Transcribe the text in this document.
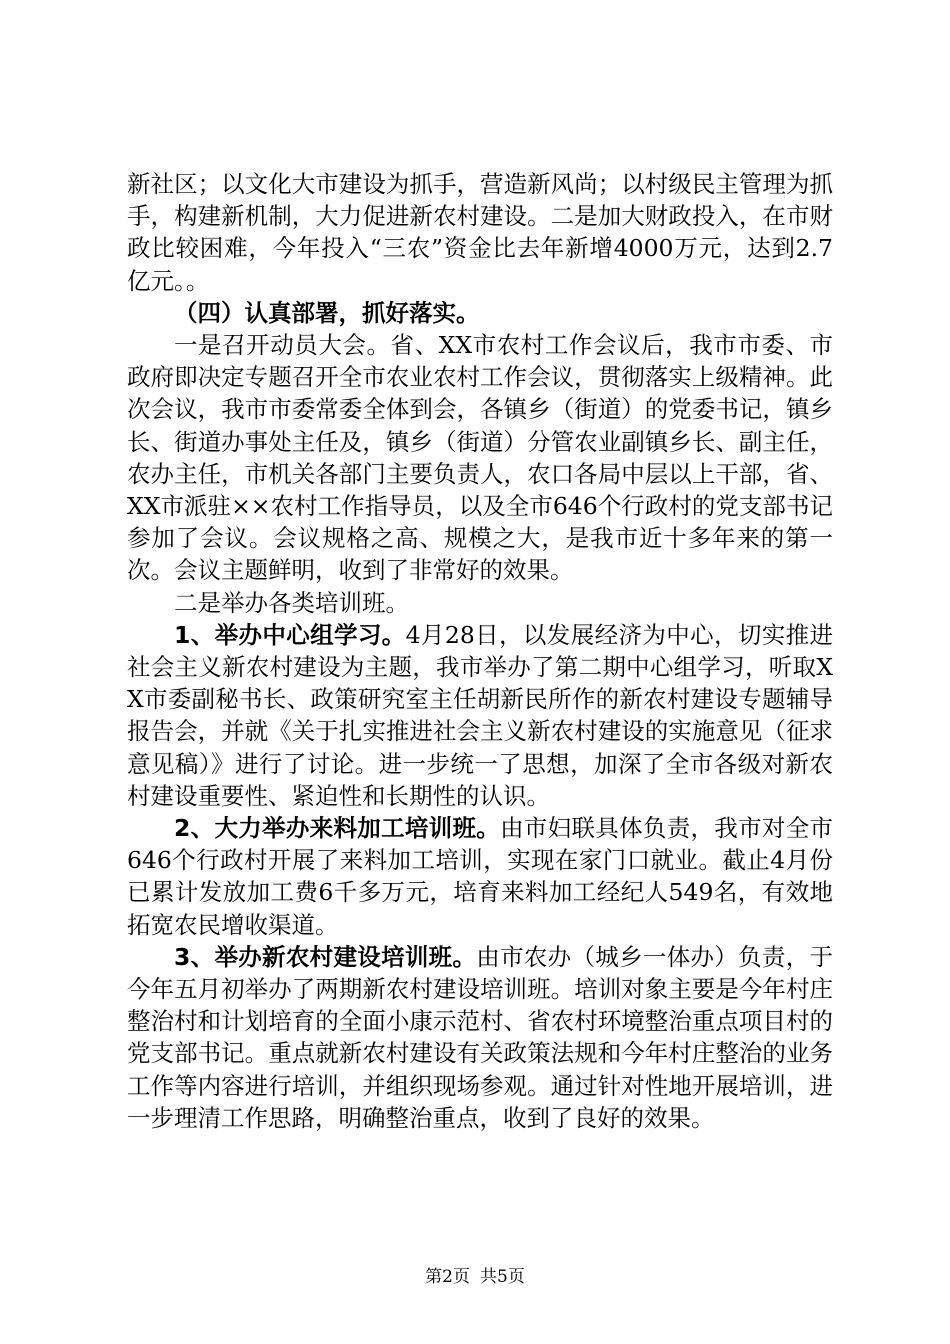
新社区；以文化大市建设为抓手，营造新风尚；以村级民主管理为抓手，构建新机制，大力促进新农村建设。二是加大财政投入，在市财政比较困难，今年投入“三农”资金比去年新增4000万元，达到2.7亿元。。

（四）认真部署，抓好落实。

一是召开动员大会。省、XX市农村工作会议后，我市市委、市政府即决定专题召开全市农业农村工作会议，贯彻落实上级精神。此次会议，我市市委常委全体到会，各镇乡（街道）的党委书记，镇乡长、街道办事处主任及，镇乡（街道）分管农业副镇乡长、副主任，农办主任，市机关各部门主要负责人，农口各局中层以上干部，省、XX市派驻××农村工作指导员，以及全市646个行政村的党支部书记参加了会议。会议规格之高、规模之大，是我市近十多年来的第一次。会议主题鲜明，收到了非常好的效果。

二是举办各类培训班。

1、举办中心组学习。4月28日，以发展经济为中心，切实推进社会主义新农村建设为主题，我市举办了第二期中心组学习，听取XX市委副秘书长、政策研究室主任胡新民所作的新农村建设专题辅导报告会，并就《关于扎实推进社会主义新农村建设的实施意见（征求意见稿）》进行了讨论。进一步统一了思想，加深了全市各级对新农村建设重要性、紧迫性和长期性的认识。

2、大力举办来料加工培训班。由市妇联具体负责，我市对全市646个行政村开展了来料加工培训，实现在家门口就业。截止4月份已累计发放加工费6千多万元，培育来料加工经纪人549名，有效地拓宽农民增收渠道。

3、举办新农村建设培训班。由市农办（城乡一体办）负责，于今年五月初举办了两期新农村建设培训班。培训对象主要是今年村庄整治村和计划培育的全面小康示范村、省农村环境整治重点项目村的党支部书记。重点就新农村建设有关政策法规和今年村庄整治的业务工作等内容进行培训，并组织现场参观。通过针对性地开展培训，进一步理清工作思路，明确整治重点，收到了良好的效果。

第2页 共5页
